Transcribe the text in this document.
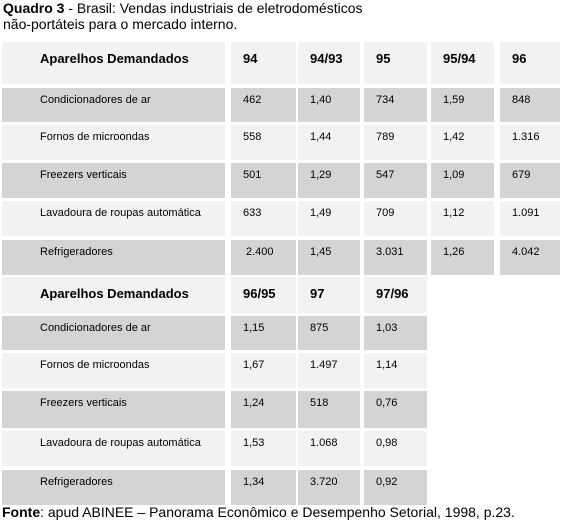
Quadro 3 - Brasil: Vendas industriais de eletrodomésticos
não-portáteis para o mercado interno.
Aparelhos Demandados	94	94/93	95	95/94	96
Condicionadores de ar	462	1,40	734	1,59	848
Fornos de microondas	558	1,44	789	1,42	1.316
Freezers verticais	501	1,29	547	1,09	679
Lavadoura de roupas automática	633	1,49	709	1,12	1.091
Refrigeradores	2.400	1,45	3.031	1,26	4.042
Aparelhos Demandados	96/95	97	97/96
Condicionadores de ar	1,15	875	1,03
Fornos de microondas	1,67	1.497	1,14
Freezers verticais	1,24	518	0,76
Lavadoura de roupas automática	1,53	1.068	0,98
Refrigeradores	1,34	3.720	0,92
Fonte: apud ABINEE – Panorama Econômico e Desempenho Setorial, 1998, p.23.
